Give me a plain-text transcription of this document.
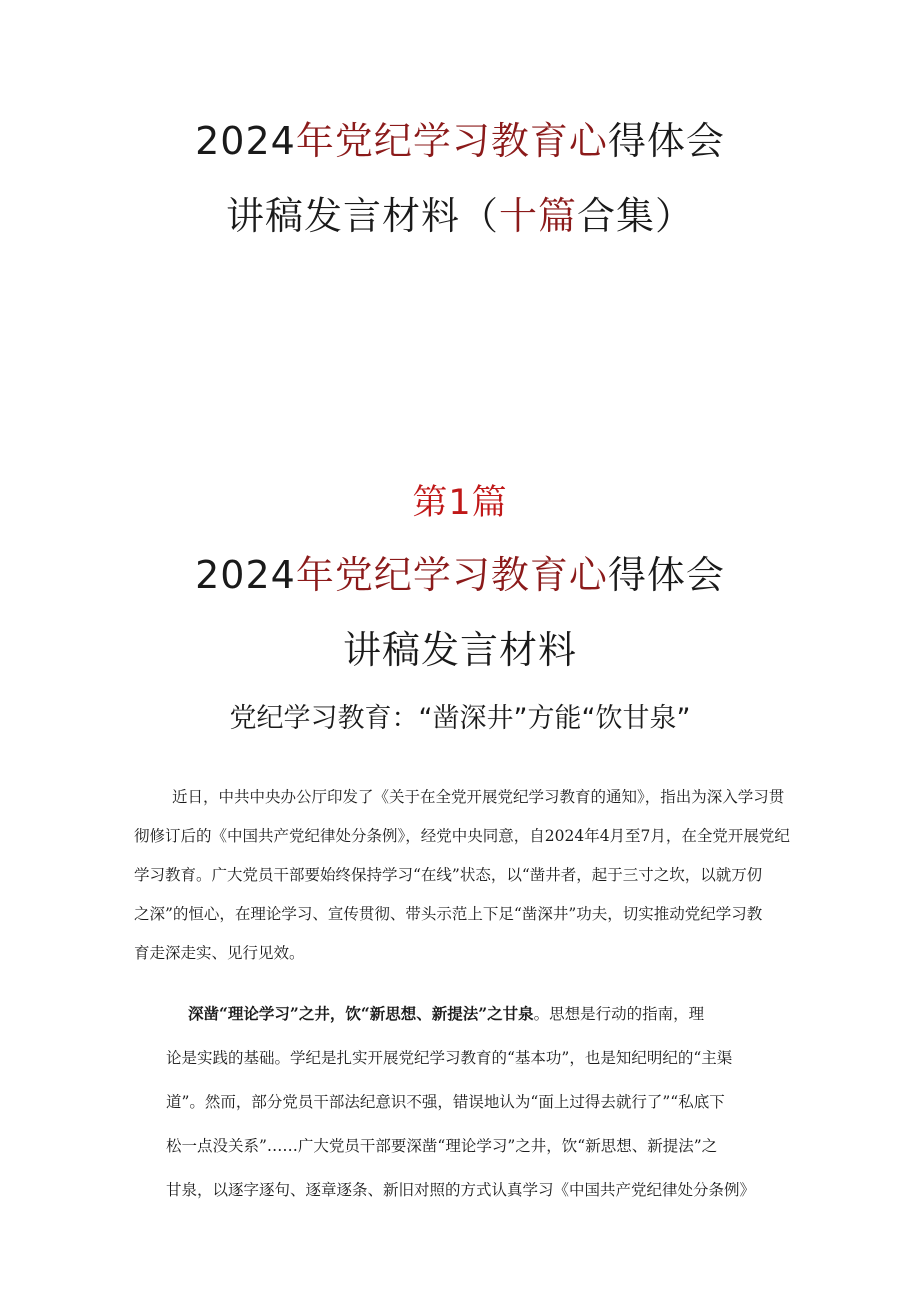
2024年党纪学习教育心得体会
讲稿发言材料（十篇合集）
第1篇
2024年党纪学习教育心得体会
讲稿发言材料
党纪学习教育：“凿深井”方能“饮甘泉”
近日，中共中央办公厅印发了《关于在全党开展党纪学习教育的通知》，指出为深入学习贯
彻修订后的《中国共产党纪律处分条例》，经党中央同意，自2024年4月至7月，在全党开展党纪
学习教育。广大党员干部要始终保持学习“在线”状态，以“凿井者，起于三寸之坎，以就万仞
之深”的恒心，在理论学习、宣传贯彻、带头示范上下足“凿深井”功夫，切实推动党纪学习教
育走深走实、见行见效。
深凿“理论学习”之井，饮“新思想、新提法”之甘泉。思想是行动的指南，理
论是实践的基础。学纪是扎实开展党纪学习教育的“基本功”，也是知纪明纪的“主渠
道”。然而，部分党员干部法纪意识不强，错误地认为“面上过得去就行了”“私底下
松一点没关系”……广大党员干部要深凿“理论学习”之井，饮“新思想、新提法”之
甘泉，以逐字逐句、逐章逐条、新旧对照的方式认真学习《中国共产党纪律处分条例》
